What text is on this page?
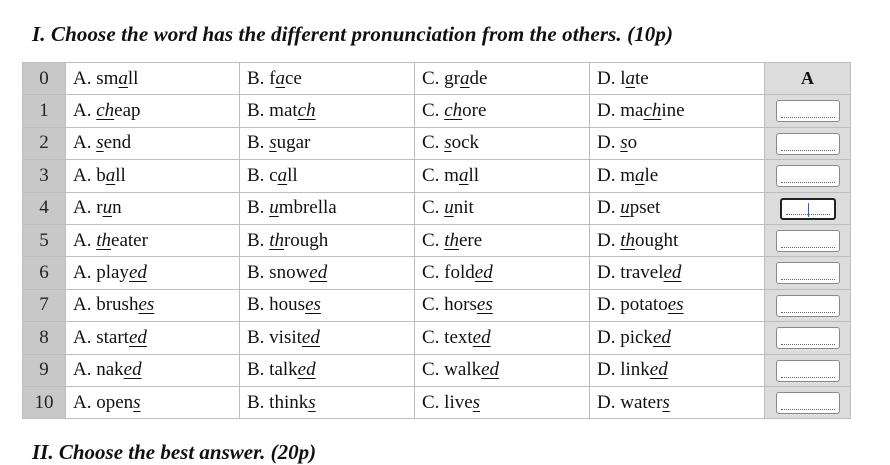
I. Choose the word has the different pronunciation from the others. (10p)
0	A. small	B. face	C. grade	D. late	A
1	A. cheap	B. match	C. chore	D. machine	
2	A. send	B. sugar	C. sock	D. so	
3	A. ball	B. call	C. mall	D. male	
4	A. run	B. umbrella	C. unit	D. upset	
5	A. theater	B. through	C. there	D. thought	
6	A. played	B. snowed	C. folded	D. traveled	
7	A. brushes	B. houses	C. horses	D. potatoes	
8	A. started	B. visited	C. texted	D. picked	
9	A. naked	B. talked	C. walked	D. linked	
10	A. opens	B. thinks	C. lives	D. waters	
II. Choose the best answer. (20p)
